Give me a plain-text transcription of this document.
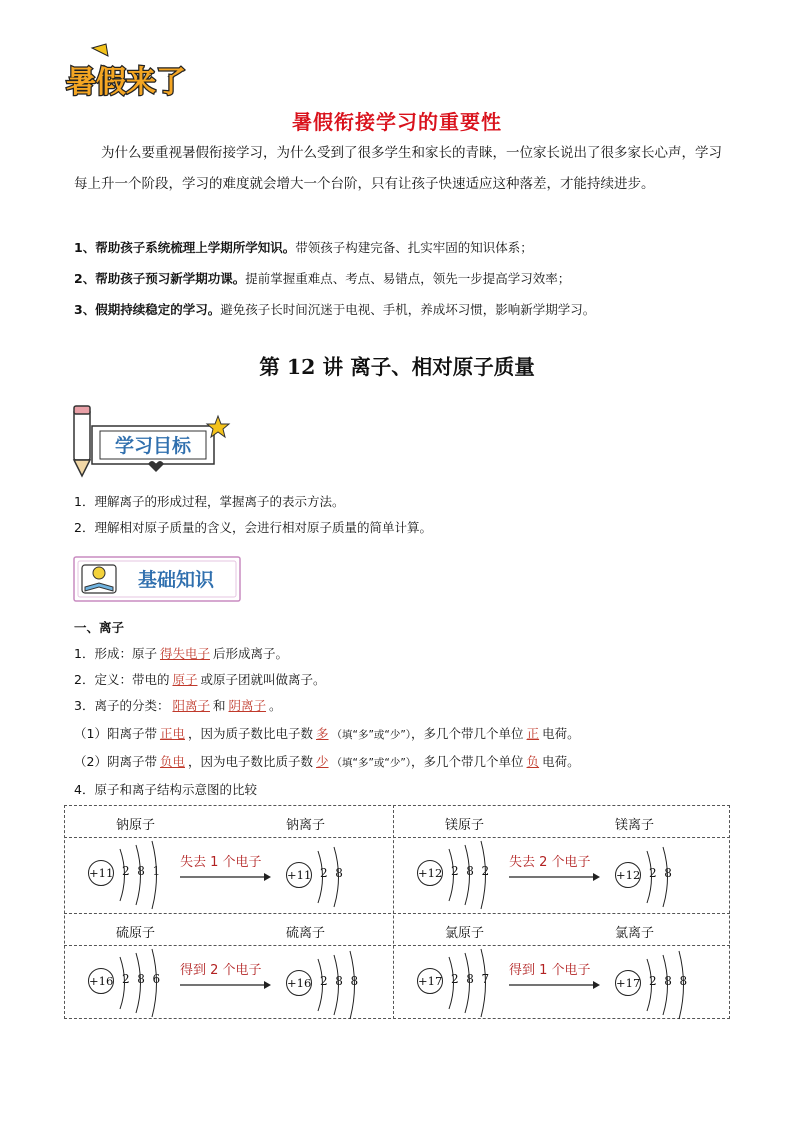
暑假来了
暑假衔接学习的重要性
为什么要重视暑假衔接学习，为什么受到了很多学生和家长的青睐，一位家长说出了很多家长心声，学习每上升一个阶段，学习的难度就会增大一个台阶，只有让孩子快速适应这种落差，才能持续进步。
1、帮助孩子系统梳理上学期所学知识。带领孩子构建完备、扎实牢固的知识体系；
2、帮助孩子预习新学期功课。提前掌握重难点、考点、易错点，领先一步提高学习效率；
3、假期持续稳定的学习。避免孩子长时间沉迷于电视、手机，养成坏习惯，影响新学期学习。
第 12 讲 离子、相对原子质量
学习目标
1．理解离子的形成过程，掌握离子的表示方法。
2．理解相对原子质量的含义，会进行相对原子质量的简单计算。
基础知识
一、离子
1．形成：原子 得失电子 后形成离子。
2．定义：带电的 原子 或原子团就叫做离子。
3．离子的分类： 阳离子 和 阴离子 。
（1）阳离子带 正电 ，因为质子数比电子数 多 （填“多”或“少”），多几个带几个单位 正 电荷。
（2）阴离子带 负电 ，因为电子数比质子数 少 （填“多”或“少”），多几个带几个单位 负 电荷。
4．原子和离子结构示意图的比较
钠原子	钠离子
+11 2  8  1
失去 1 个电子
+11 2  8
镁原子	镁离子
+12 2  8  2
失去 2 个电子
+12 2  8
硫原子	硫离子
+16 2  8  6
得到 2 个电子
+16 2  8  8
氯原子	氯离子
+17 2  8  7
得到 1 个电子
+17 2  8  8
